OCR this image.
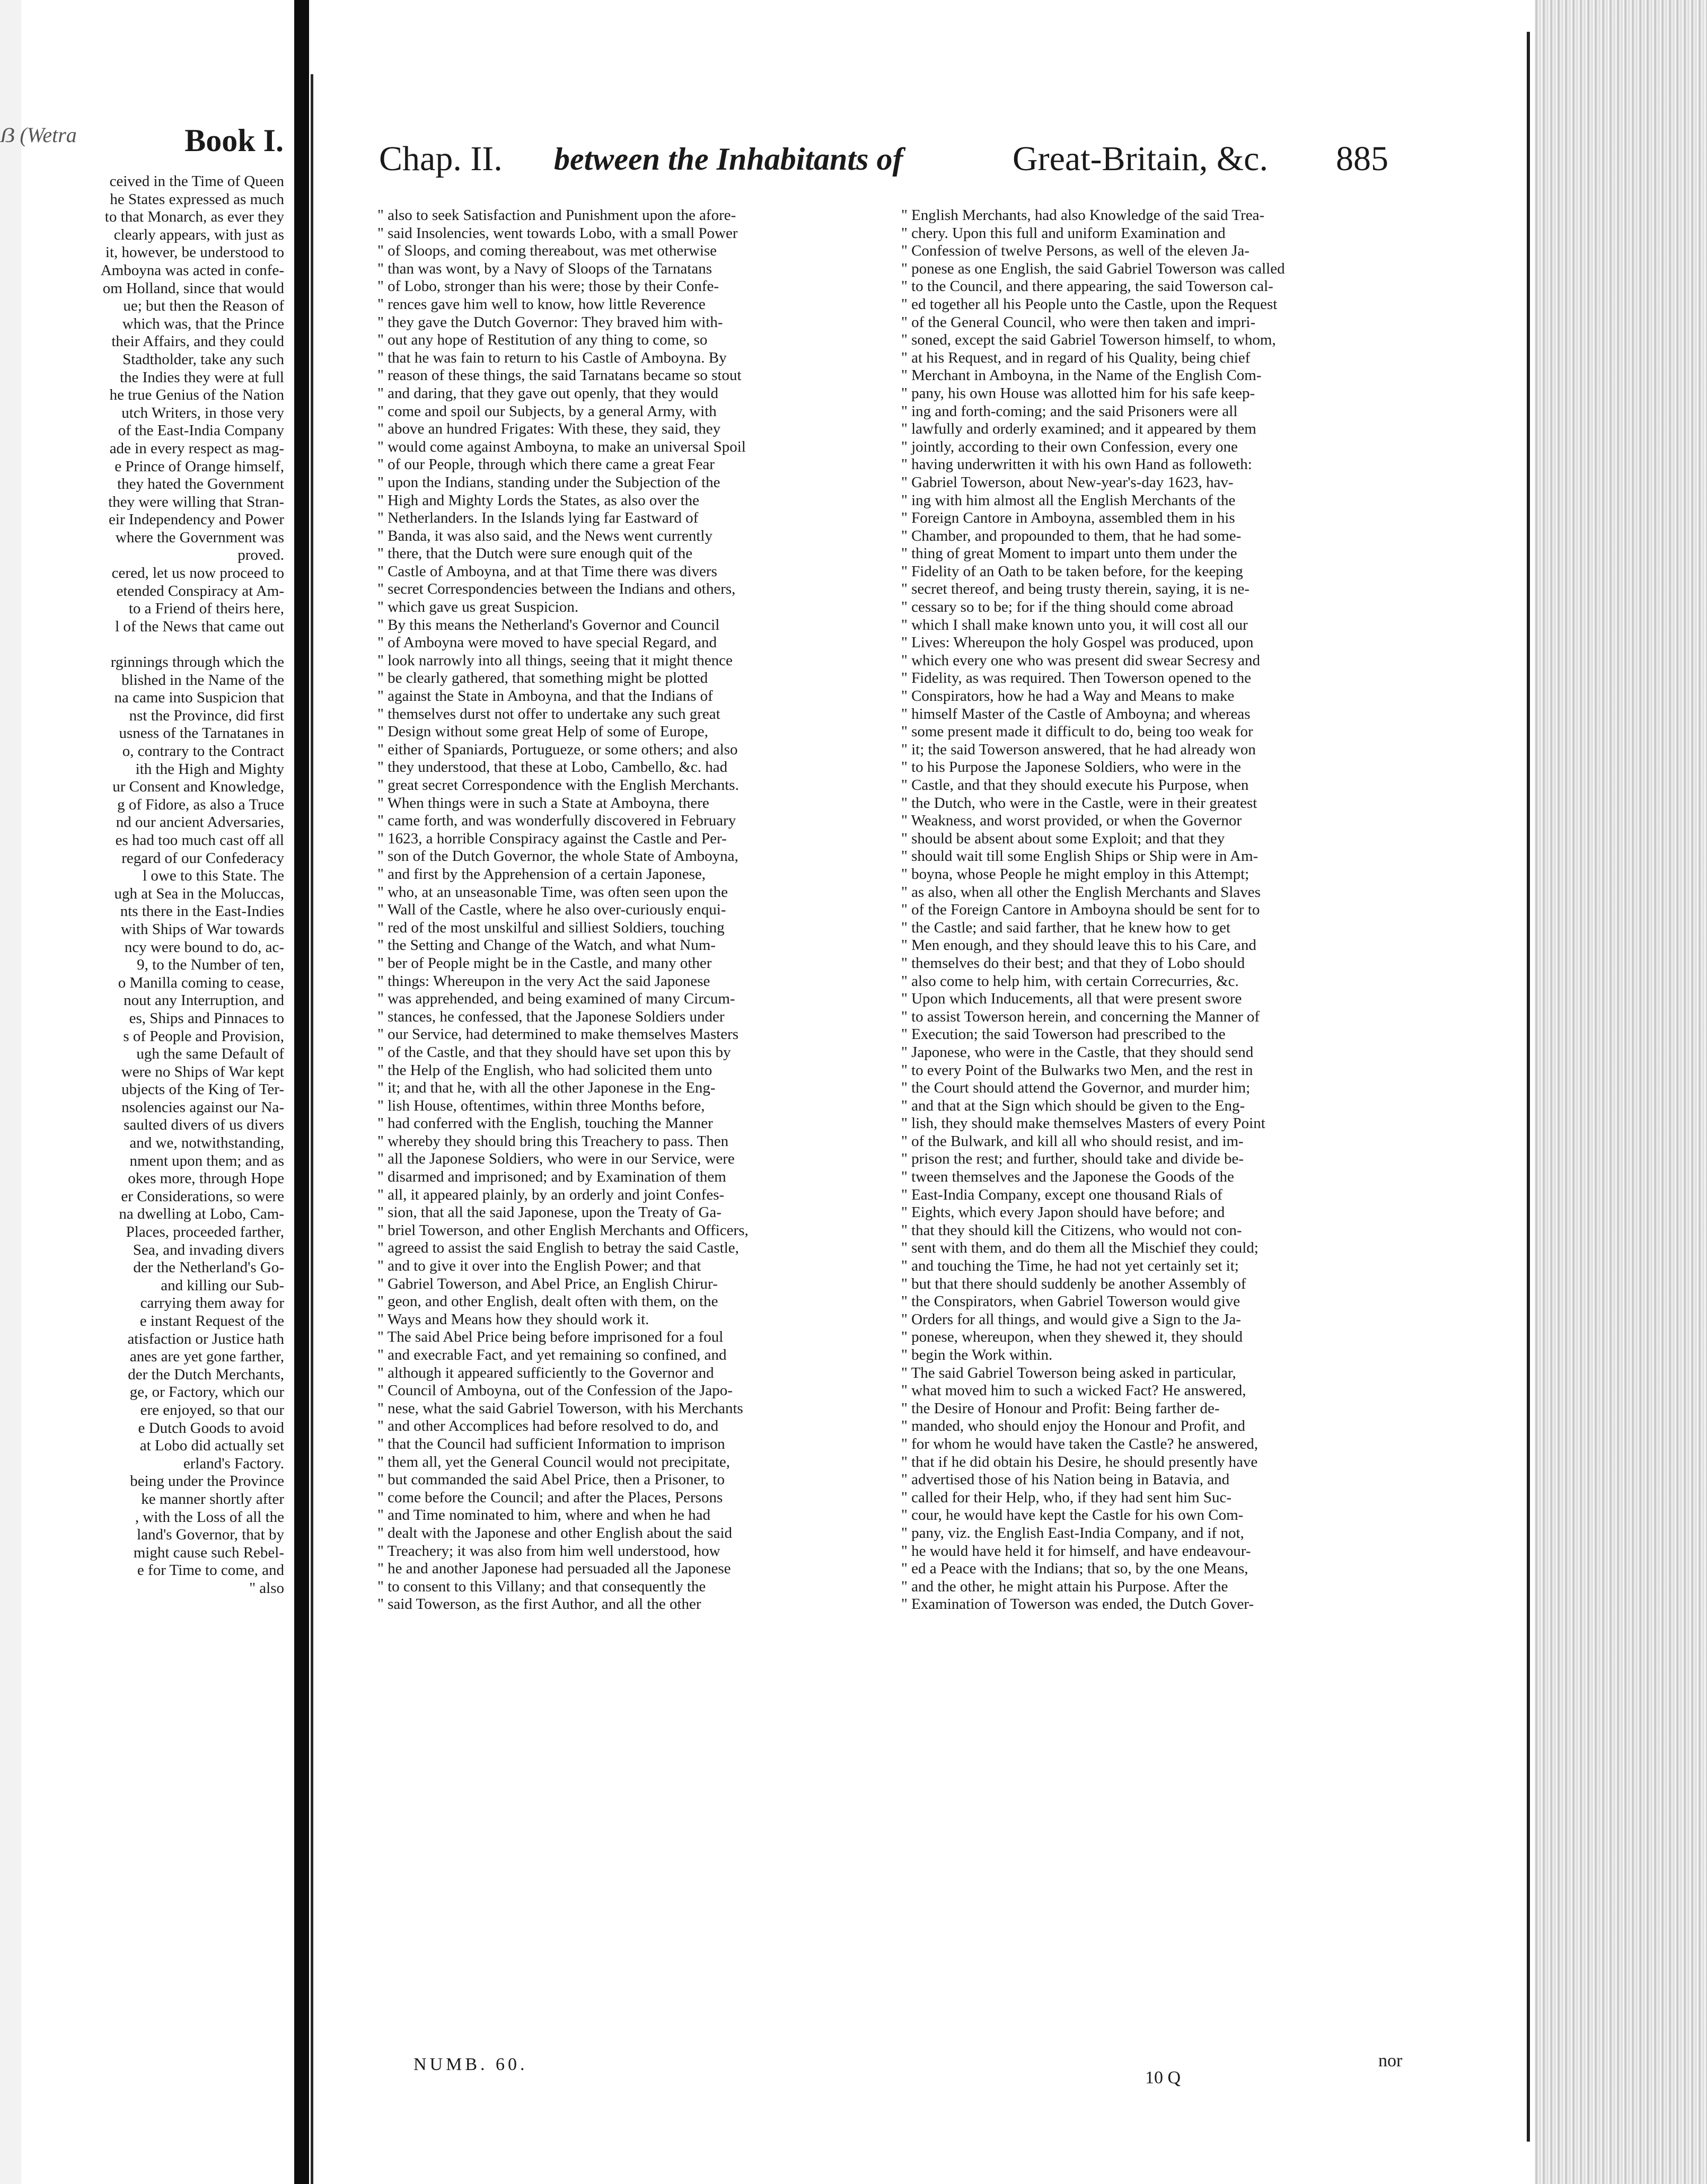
ẞ (Wetra	Book I.
ceived in the Time of Queen
he States expressed as much
to that Monarch, as ever they
clearly appears, with just as
it, however, be understood to
Amboyna was acted in confe-
om Holland, since that would
ue; but then the Reason of
which was, that the Prince
their Affairs, and they could
Stadtholder, take any such
the Indies they were at full
he true Genius of the Nation
utch Writers, in those very
of the East-India Company
ade in every respect as mag-
e Prince of Orange himself,
they hated the Government
they were willing that Stran-
eir Independency and Power
where the Government was
proved.
cered, let us now proceed to
etended Conspiracy at Am-
to a Friend of theirs here,
l of the News that came out
rginnings through which the
blished in the Name of the
na came into Suspicion that
nst the Province, did first
usness of the Tarnatanes in
o, contrary to the Contract
ith the High and Mighty
ur Consent and Knowledge,
g of Fidore, as also a Truce
nd our ancient Adversaries,
es had too much cast off all
regard of our Confederacy
l owe to this State. The
ugh at Sea in the Moluccas,
nts there in the East-Indies
with Ships of War towards
ncy were bound to do, ac-
9, to the Number of ten,
o Manilla coming to cease,
nout any Interruption, and
es, Ships and Pinnaces to
s of People and Provision,
ugh the same Default of
were no Ships of War kept
ubjects of the King of Ter-
nsolencies against our Na-
saulted divers of us divers
and we, notwithstanding,
nment upon them; and as
okes more, through Hope
er Considerations, so were
na dwelling at Lobo, Cam-
Places, proceeded farther,
Sea, and invading divers
der the Netherland's Go-
and killing our Sub-
carrying them away for
e instant Request of the
atisfaction or Justice hath
anes are yet gone farther,
der the Dutch Merchants,
ge, or Factory, which our
ere enjoyed, so that our
e Dutch Goods to avoid
at Lobo did actually set
erland's Factory.
being under the Province
ke manner shortly after
, with the Loss of all the
land's Governor, that by
might cause such Rebel-
e for Time to come, and
" also
Chap. II. between the Inhabitants of	Great-Britain, &c. 885
" also to seek Satisfaction and Punishment upon the afore-
" said Insolencies, went towards Lobo, with a small Power
" of Sloops, and coming thereabout, was met otherwise
" than was wont, by a Navy of Sloops of the Tarnatans
" of Lobo, stronger than his were; those by their Confe-
" rences gave him well to know, how little Reverence
" they gave the Dutch Governor: They braved him with-
" out any hope of Restitution of any thing to come, so
" that he was fain to return to his Castle of Amboyna. By
" reason of these things, the said Tarnatans became so stout
" and daring, that they gave out openly, that they would
" come and spoil our Subjects, by a general Army, with
" above an hundred Frigates: With these, they said, they
" would come against Amboyna, to make an universal Spoil
" of our People, through which there came a great Fear
" upon the Indians, standing under the Subjection of the
" High and Mighty Lords the States, as also over the
" Netherlanders. In the Islands lying far Eastward of
" Banda, it was also said, and the News went currently
" there, that the Dutch were sure enough quit of the
" Castle of Amboyna, and at that Time there was divers
" secret Correspondencies between the Indians and others,
" which gave us great Suspicion.
" By this means the Netherland's Governor and Council
" of Amboyna were moved to have special Regard, and
" look narrowly into all things, seeing that it might thence
" be clearly gathered, that something might be plotted
" against the State in Amboyna, and that the Indians of
" themselves durst not offer to undertake any such great
" Design without some great Help of some of Europe,
" either of Spaniards, Portugueze, or some others; and also
" they understood, that these at Lobo, Cambello, &c. had
" great secret Correspondence with the English Merchants.
" When things were in such a State at Amboyna, there
" came forth, and was wonderfully discovered in February
" 1623, a horrible Conspiracy against the Castle and Per-
" son of the Dutch Governor, the whole State of Amboyna,
" and first by the Apprehension of a certain Japonese,
" who, at an unseasonable Time, was often seen upon the
" Wall of the Castle, where he also over-curiously enqui-
" red of the most unskilful and silliest Soldiers, touching
" the Setting and Change of the Watch, and what Num-
" ber of People might be in the Castle, and many other
" things: Whereupon in the very Act the said Japonese
" was apprehended, and being examined of many Circum-
" stances, he confessed, that the Japonese Soldiers under
" our Service, had determined to make themselves Masters
" of the Castle, and that they should have set upon this by
" the Help of the English, who had solicited them unto
" it; and that he, with all the other Japonese in the Eng-
" lish House, oftentimes, within three Months before,
" had conferred with the English, touching the Manner
" whereby they should bring this Treachery to pass. Then
" all the Japonese Soldiers, who were in our Service, were
" disarmed and imprisoned; and by Examination of them
" all, it appeared plainly, by an orderly and joint Confes-
" sion, that all the said Japonese, upon the Treaty of Ga-
" briel Towerson, and other English Merchants and Officers,
" agreed to assist the said English to betray the said Castle,
" and to give it over into the English Power; and that
" Gabriel Towerson, and Abel Price, an English Chirur-
" geon, and other English, dealt often with them, on the
" Ways and Means how they should work it.
" The said Abel Price being before imprisoned for a foul
" and execrable Fact, and yet remaining so confined, and
" although it appeared sufficiently to the Governor and
" Council of Amboyna, out of the Confession of the Japo-
" nese, what the said Gabriel Towerson, with his Merchants
" and other Accomplices had before resolved to do, and
" that the Council had sufficient Information to imprison
" them all, yet the General Council would not precipitate,
" but commanded the said Abel Price, then a Prisoner, to
" come before the Council; and after the Places, Persons
" and Time nominated to him, where and when he had
" dealt with the Japonese and other English about the said
" Treachery; it was also from him well understood, how
" he and another Japonese had persuaded all the Japonese
" to consent to this Villany; and that consequently the
" said Towerson, as the first Author, and all the other
" English Merchants, had also Knowledge of the said Trea-
" chery. Upon this full and uniform Examination and
" Confession of twelve Persons, as well of the eleven Ja-
" ponese as one English, the said Gabriel Towerson was called
" to the Council, and there appearing, the said Towerson cal-
" ed together all his People unto the Castle, upon the Request
" of the General Council, who were then taken and impri-
" soned, except the said Gabriel Towerson himself, to whom,
" at his Request, and in regard of his Quality, being chief
" Merchant in Amboyna, in the Name of the English Com-
" pany, his own House was allotted him for his safe keep-
" ing and forth-coming; and the said Prisoners were all
" lawfully and orderly examined; and it appeared by them
" jointly, according to their own Confession, every one
" having underwritten it with his own Hand as followeth:
" Gabriel Towerson, about New-year's-day 1623, hav-
" ing with him almost all the English Merchants of the
" Foreign Cantore in Amboyna, assembled them in his
" Chamber, and propounded to them, that he had some-
" thing of great Moment to impart unto them under the
" Fidelity of an Oath to be taken before, for the keeping
" secret thereof, and being trusty therein, saying, it is ne-
" cessary so to be; for if the thing should come abroad
" which I shall make known unto you, it will cost all our
" Lives: Whereupon the holy Gospel was produced, upon
" which every one who was present did swear Secresy and
" Fidelity, as was required. Then Towerson opened to the
" Conspirators, how he had a Way and Means to make
" himself Master of the Castle of Amboyna; and whereas
" some present made it difficult to do, being too weak for
" it; the said Towerson answered, that he had already won
" to his Purpose the Japonese Soldiers, who were in the
" Castle, and that they should execute his Purpose, when
" the Dutch, who were in the Castle, were in their greatest
" Weakness, and worst provided, or when the Governor
" should be absent about some Exploit; and that they
" should wait till some English Ships or Ship were in Am-
" boyna, whose People he might employ in this Attempt;
" as also, when all other the English Merchants and Slaves
" of the Foreign Cantore in Amboyna should be sent for to
" the Castle; and said farther, that he knew how to get
" Men enough, and they should leave this to his Care, and
" themselves do their best; and that they of Lobo should
" also come to help him, with certain Correcurries, &c.
" Upon which Inducements, all that were present swore
" to assist Towerson herein, and concerning the Manner of
" Execution; the said Towerson had prescribed to the
" Japonese, who were in the Castle, that they should send
" to every Point of the Bulwarks two Men, and the rest in
" the Court should attend the Governor, and murder him;
" and that at the Sign which should be given to the Eng-
" lish, they should make themselves Masters of every Point
" of the Bulwark, and kill all who should resist, and im-
" prison the rest; and further, should take and divide be-
" tween themselves and the Japonese the Goods of the
" East-India Company, except one thousand Rials of
" Eights, which every Japon should have before; and
" that they should kill the Citizens, who would not con-
" sent with them, and do them all the Mischief they could;
" and touching the Time, he had not yet certainly set it;
" but that there should suddenly be another Assembly of
" the Conspirators, when Gabriel Towerson would give
" Orders for all things, and would give a Sign to the Ja-
" ponese, whereupon, when they shewed it, they should
" begin the Work within.
" The said Gabriel Towerson being asked in particular,
" what moved him to such a wicked Fact? He answered,
" the Desire of Honour and Profit: Being farther de-
" manded, who should enjoy the Honour and Profit, and
" for whom he would have taken the Castle? he answered,
" that if he did obtain his Desire, he should presently have
" advertised those of his Nation being in Batavia, and
" called for their Help, who, if they had sent him Suc-
" cour, he would have kept the Castle for his own Com-
" pany, viz. the English East-India Company, and if not,
" he would have held it for himself, and have endeavour-
" ed a Peace with the Indians; that so, by the one Means,
" and the other, he might attain his Purpose. After the
" Examination of Towerson was ended, the Dutch Gover-
NUMB. 60.
10 Q
nor
